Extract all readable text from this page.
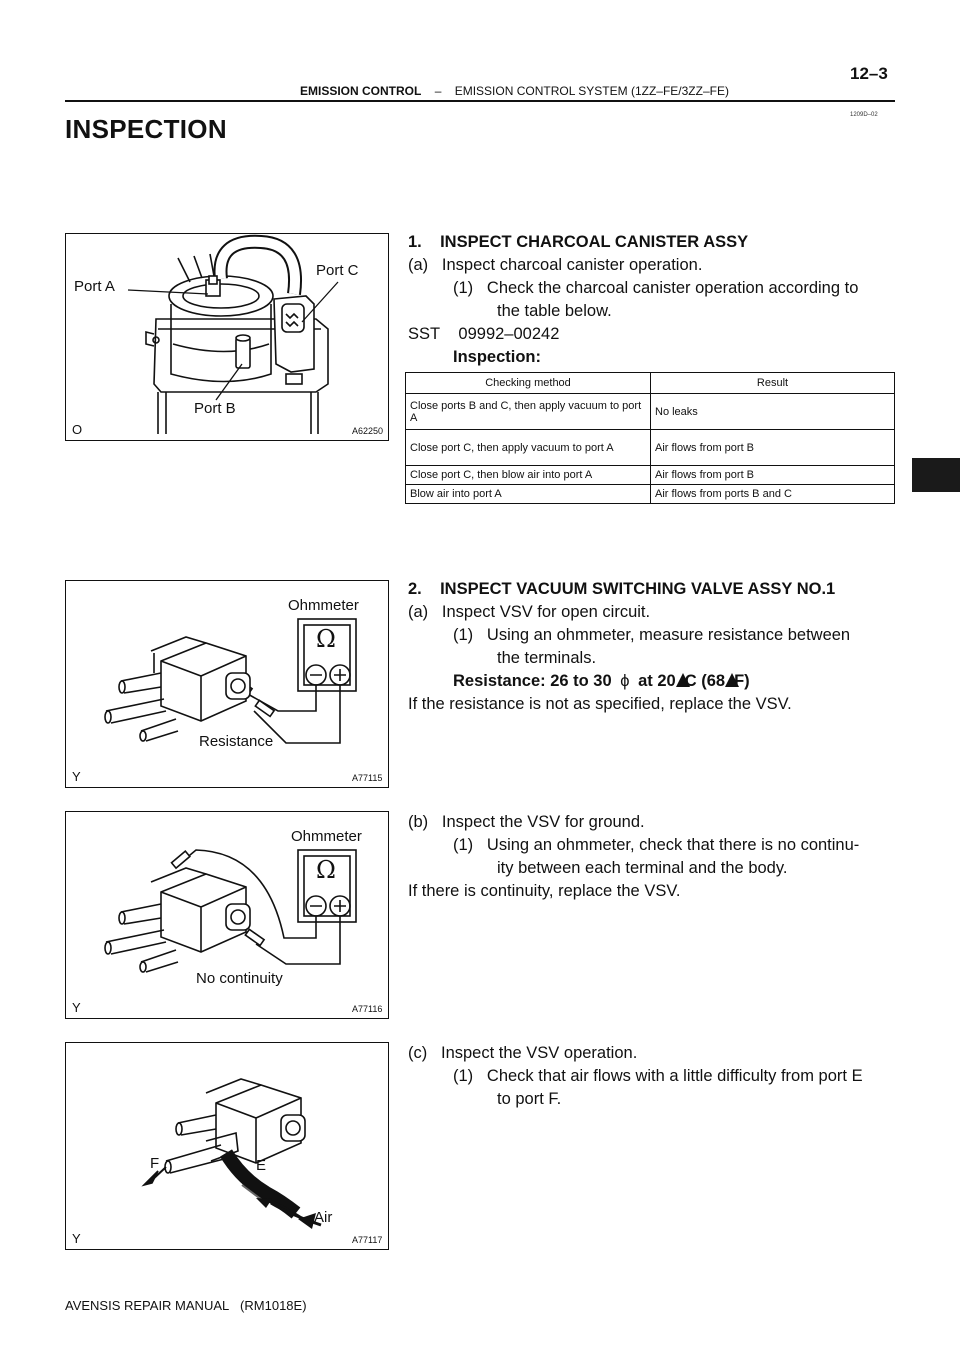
12–3
EMISSION CONTROL – EMISSION CONTROL SYSTEM (1ZZ–FE/3ZZ–FE)
1209D–02
INSPECTION
Port A
Port C
Port B
O	A62250
1.    INSPECT CHARCOAL CANISTER ASSY
(a)   Inspect charcoal canister operation.
(1)   Check the charcoal canister operation according to
the table below.
SST    09992–00242
Inspection:
Checking method	Result
Close ports B and C, then apply vacuum to port A	No leaks
Close port C, then apply vacuum to port A	Air flows from port B
Close port C, then blow air into port A	Air flows from port B
Blow air into port A	Air flows from ports B and C
Ω
Ohmmeter
Resistance
Y	A77115
2.    INSPECT VACUUM SWITCHING VALVE ASSY NO.1
(a)   Inspect VSV for open circuit.
(1)   Using an ohmmeter, measure resistance between
the terminals.
Resistance: 26 to 30 ϕ at 20 C (68 F)
If the resistance is not as specified, replace the VSV.
Ω
Ohmmeter
No continuity
Y	A77116
(b)   Inspect the VSV for ground.
(1)   Using an ohmmeter, check that there is no continu-
ity between each terminal and the body.
If there is continuity, replace the VSV.
F	E
Air
Y	A77117
(c)   Inspect the VSV operation.
(1)   Check that air flows with a little difficulty from port E
to port F.
AVENSIS REPAIR MANUAL   (RM1018E)
